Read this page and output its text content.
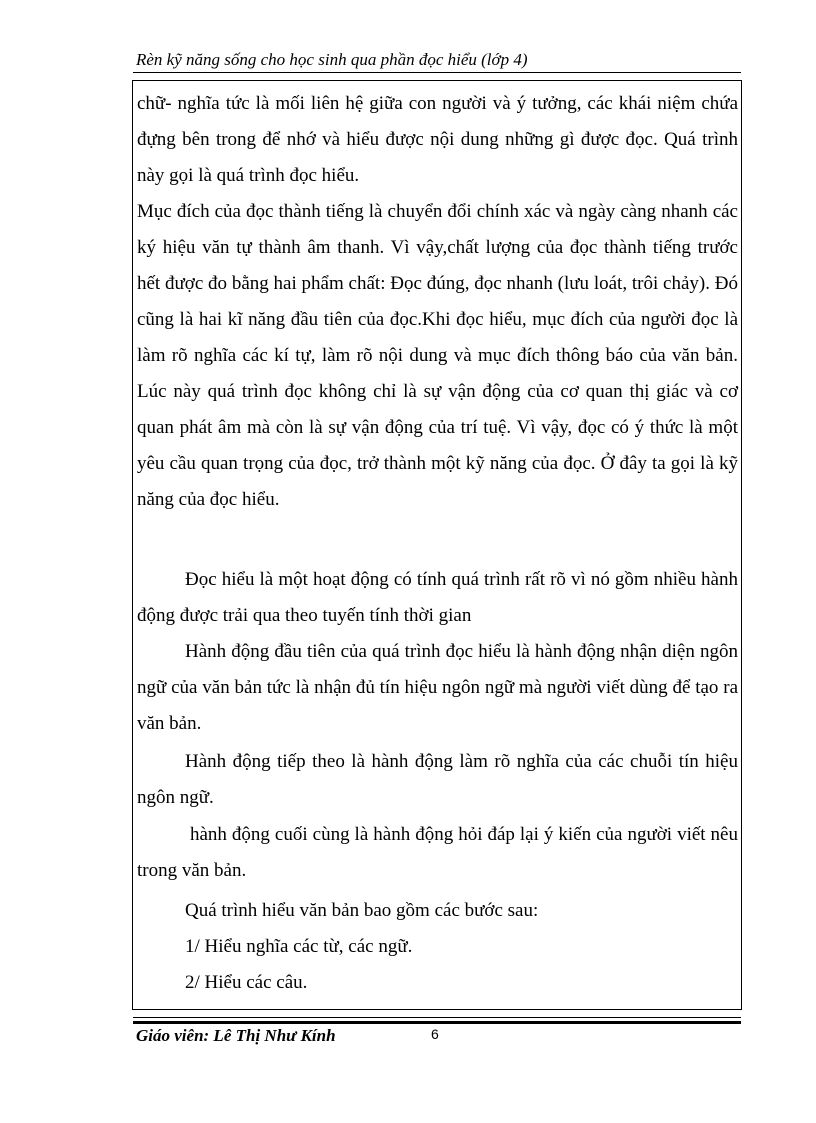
Rèn kỹ năng sống cho học sinh qua phần đọc hiểu (lớp 4)

chữ- nghĩa tức là mối liên hệ giữa con người và ý tưởng, các khái niệm chứa đựng bên trong để nhớ và hiểu được nội dung những gì được đọc. Quá trình này gọi là quá trình đọc hiểu.

Mục đích của đọc thành tiếng là chuyển đổi chính xác và ngày càng nhanh các ký hiệu văn tự thành âm thanh. Vì vậy,chất lượng của đọc thành tiếng trước hết được đo bằng hai phẩm chất: Đọc đúng, đọc nhanh (lưu loát, trôi chảy). Đó cũng là hai kĩ năng đầu tiên của đọc.Khi đọc hiểu, mục đích của người đọc là làm rõ nghĩa các kí tự, làm rõ nội dung và mục đích thông báo của văn bản. Lúc này quá trình đọc không chỉ là sự vận động của cơ quan thị giác và cơ quan phát âm mà còn là sự vận động của trí tuệ. Vì vậy, đọc có ý thức là một yêu cầu quan trọng của đọc, trở thành một kỹ năng của đọc. Ở đây ta gọi là kỹ năng của đọc hiểu.

Đọc hiểu là một hoạt động có tính quá trình rất rõ vì nó gồm nhiều hành động được trải qua theo tuyến tính thời gian

Hành động đầu tiên của quá trình đọc hiểu là hành động nhận diện ngôn ngữ của văn bản tức là nhận đủ tín hiệu ngôn ngữ mà người viết dùng để tạo ra văn bản.

Hành động tiếp theo là hành động làm rõ nghĩa của các chuỗi tín hiệu ngôn ngữ.

hành động cuối cùng là hành động hỏi đáp lại ý kiến của người viết nêu trong văn bản.

Quá trình hiểu văn bản bao gồm các bước sau:

1/ Hiểu nghĩa các từ, các ngữ.

2/ Hiểu các câu.

Giáo viên: Lê Thị Như Kính	6
